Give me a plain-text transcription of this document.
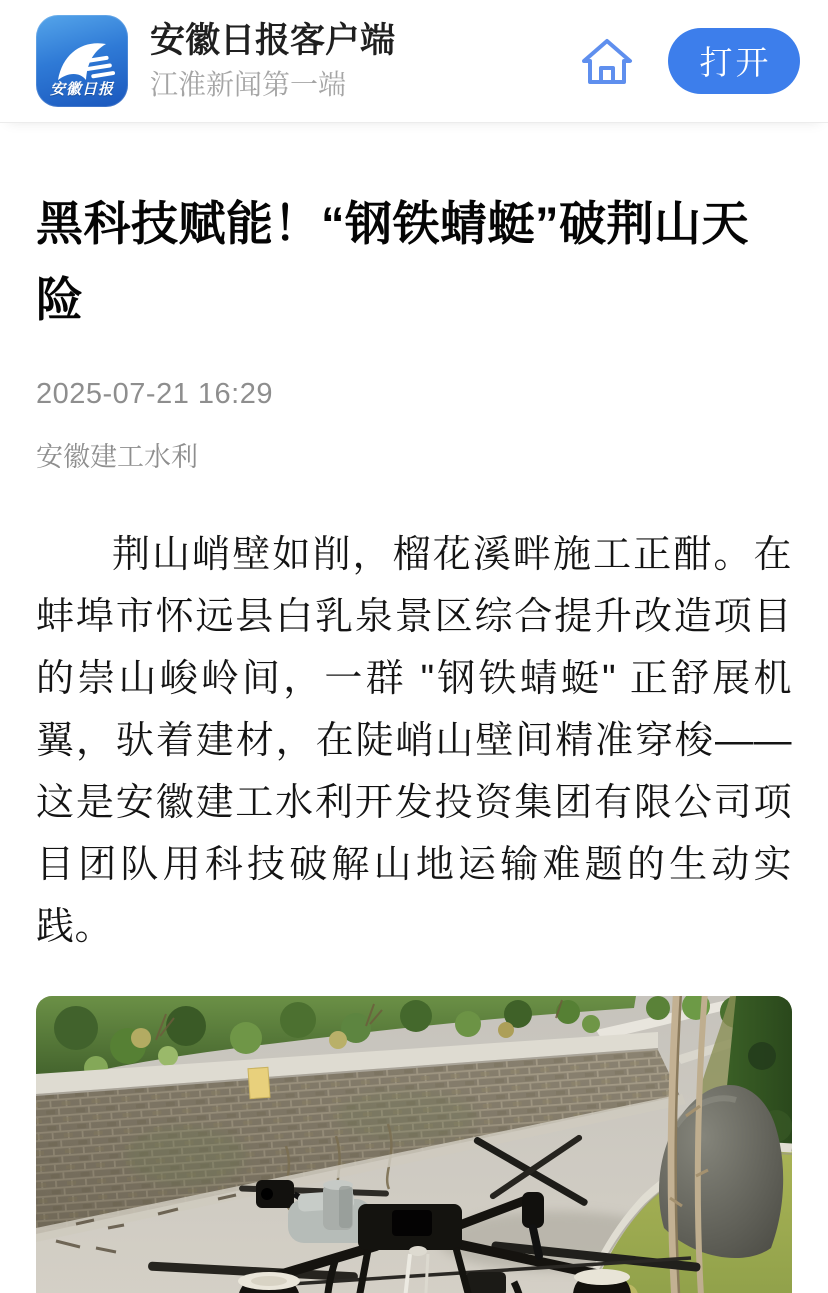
安徽日报
安徽日报客户端
江淮新闻第一端
打开
黑科技赋能！“钢铁蜻蜓”破荆山天险
2025-07-21 16:29
安徽建工水利

荆山峭壁如削，榴花溪畔施工正酣。在蚌埠市怀远县白乳泉景区综合提升改造项目的崇山峻岭间，一群 "钢铁蜻蜓" 正舒展机翼，驮着建材，在陡峭山壁间精准穿梭——这是安徽建工水利开发投资集团有限公司项目团队用科技破解山地运输难题的生动实践。
